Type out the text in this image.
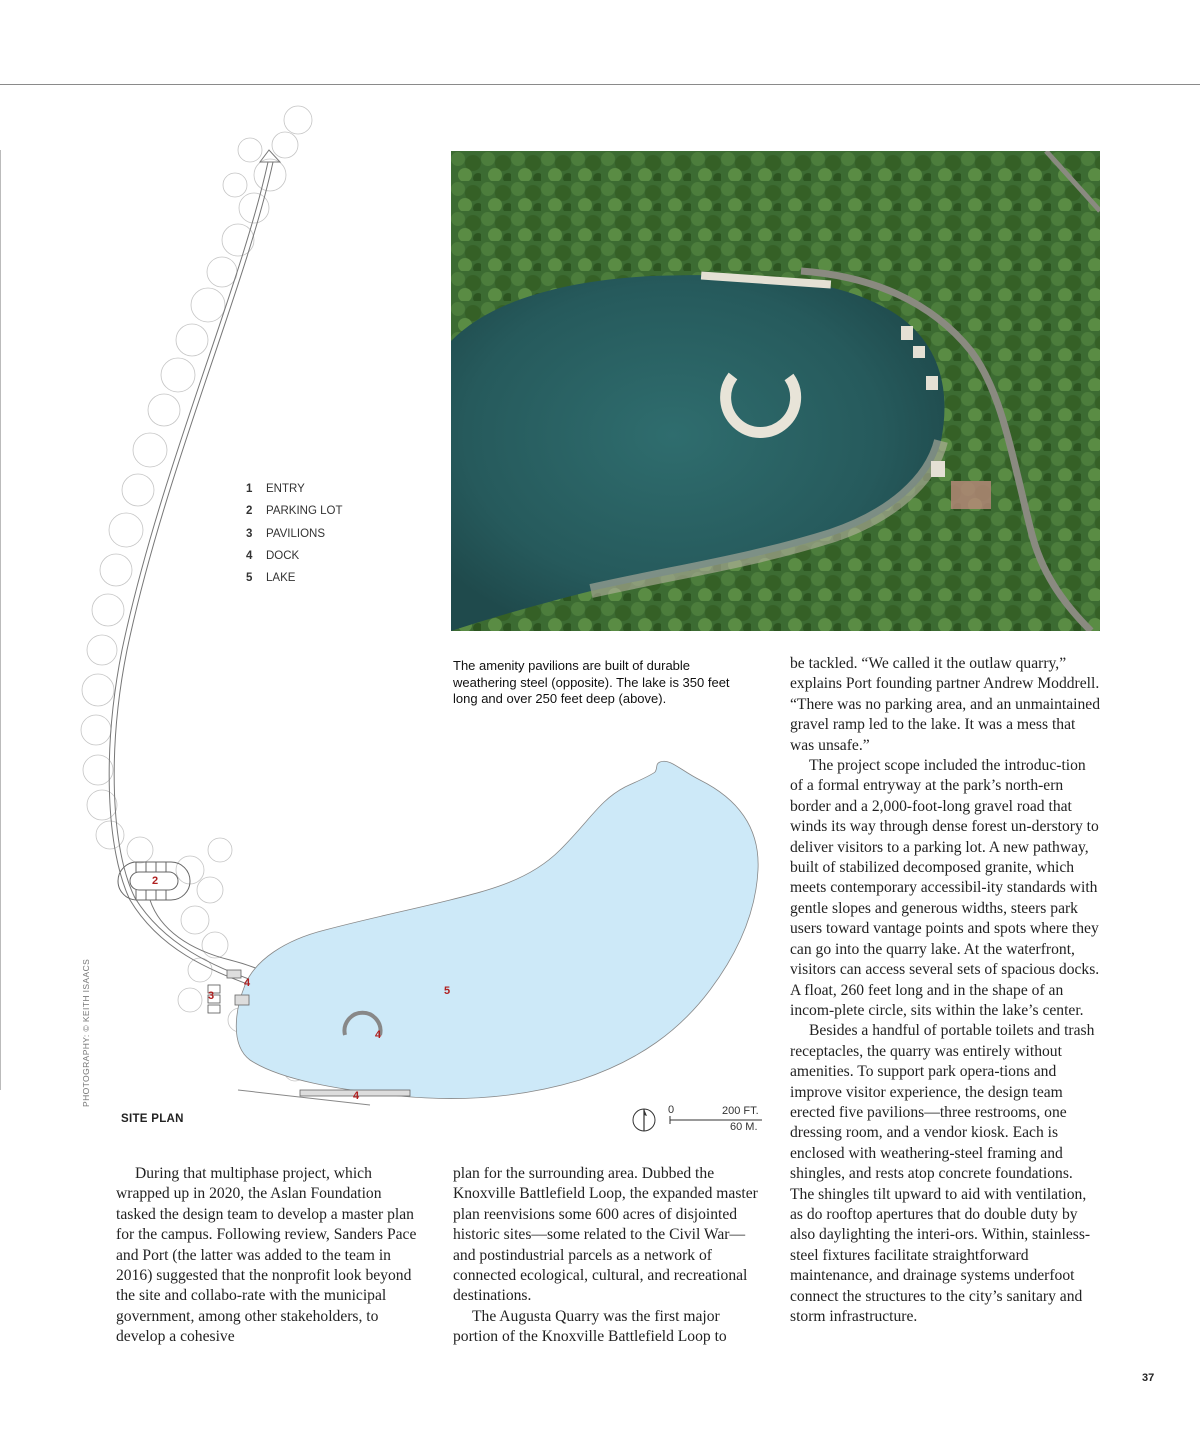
2
3
4
4
4
5
1	ENTRY
2	PARKING LOT
3	PAVILIONS
4	DOCK
5	LAKE
SITE PLAN
0	200 FT.
60 M.
The amenity pavilions are built of durable weathering steel (opposite). The lake is 350 feet long and over 250 feet deep (above).

During that multiphase project, which wrapped up in 2020, the Aslan Foundation tasked the design team to develop a master plan for the campus. Following review, Sanders Pace and Port (the latter was added to the team in 2016) suggested that the nonprofit look beyond the site and collabo-rate with the municipal government, among other stakeholders, to develop a cohesive

plan for the surrounding area. Dubbed the Knoxville Battlefield Loop, the expanded master plan reenvisions some 600 acres of disjointed historic sites—some related to the Civil War—and postindustrial parcels as a network of connected ecological, cultural, and recreational destinations.

The Augusta Quarry was the first major portion of the Knoxville Battlefield Loop to

be tackled. “We called it the outlaw quarry,” explains Port founding partner Andrew Moddrell. “There was no parking area, and an unmaintained gravel ramp led to the lake. It was a mess that was unsafe.”

The project scope included the introduc-tion of a formal entryway at the park’s north-ern border and a 2,000-foot-long gravel road that winds its way through dense forest un-derstory to deliver visitors to a parking lot. A new pathway, built of stabilized decomposed granite, which meets contemporary accessibil-ity standards with gentle slopes and generous widths, steers park users toward vantage points and spots where they can go into the quarry lake. At the waterfront, visitors can access several sets of spacious docks. A float, 260 feet long and in the shape of an incom-plete circle, sits within the lake’s center.

Besides a handful of portable toilets and trash receptacles, the quarry was entirely without amenities. To support park opera-tions and improve visitor experience, the design team erected five pavilions—three restrooms, one dressing room, and a vendor kiosk. Each is enclosed with weathering-steel framing and shingles, and rests atop concrete foundations. The shingles tilt upward to aid with ventilation, as do rooftop apertures that do double duty by also daylighting the interi-ors. Within, stainless-steel fixtures facilitate straightforward maintenance, and drainage systems underfoot connect the structures to the city’s sanitary and storm infrastructure.

PHOTOGRAPHY: © KEITH ISAACS
37
